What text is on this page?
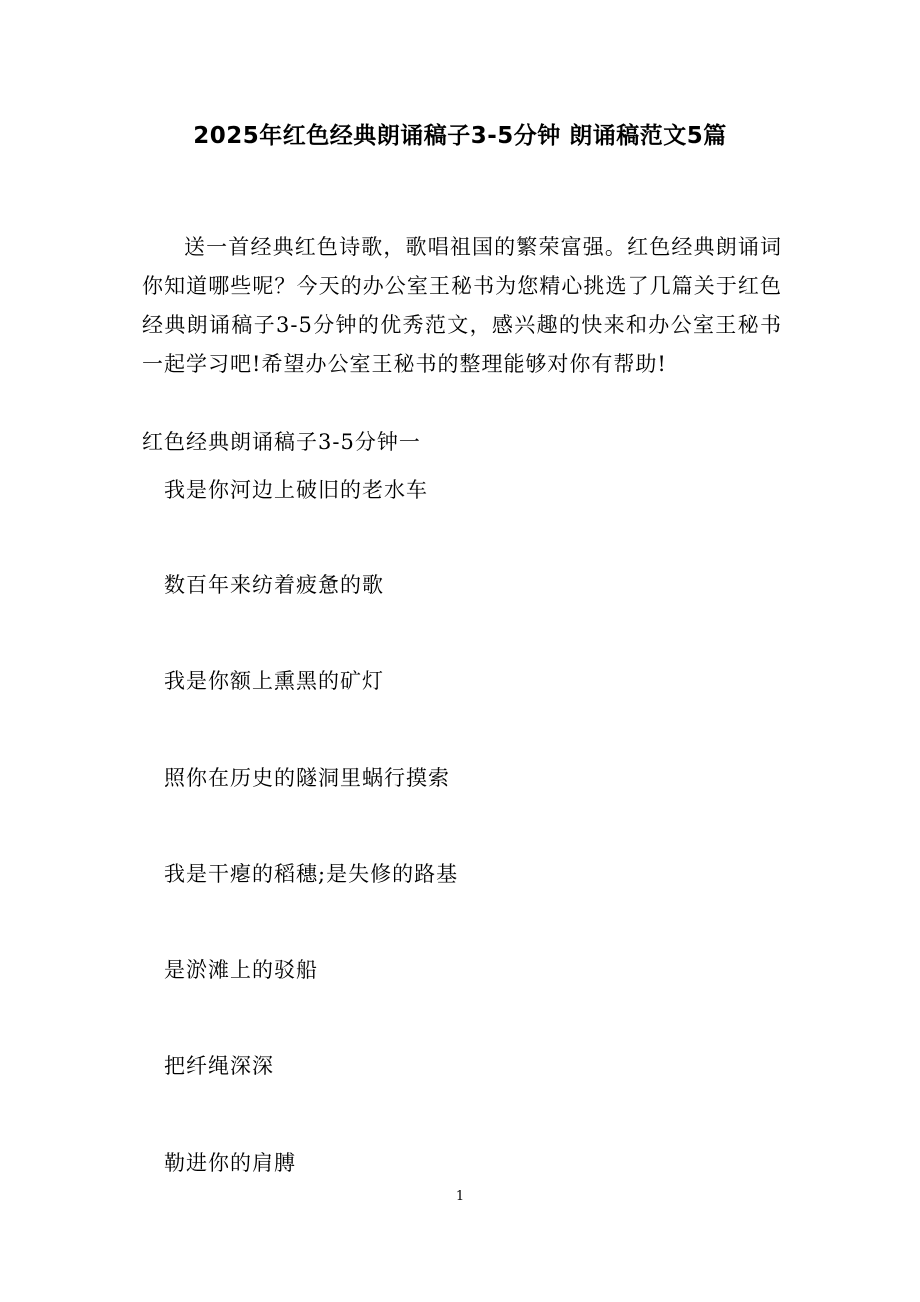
2025年红色经典朗诵稿子3-5分钟 朗诵稿范文5篇

送一首经典红色诗歌，歌唱祖国的繁荣富强。红色经典朗诵词你知道哪些呢？今天的办公室王秘书为您精心挑选了几篇关于红色经典朗诵稿子3-5分钟的优秀范文，感兴趣的快来和办公室王秘书一起学习吧!希望办公室王秘书的整理能够对你有帮助!

红色经典朗诵稿子3-5分钟一
我是你河边上破旧的老水车
数百年来纺着疲惫的歌
我是你额上熏黑的矿灯
照你在历史的隧洞里蜗行摸索
我是干瘪的稻穗;是失修的路基
是淤滩上的驳船
把纤绳深深
勒进你的肩膊
1
